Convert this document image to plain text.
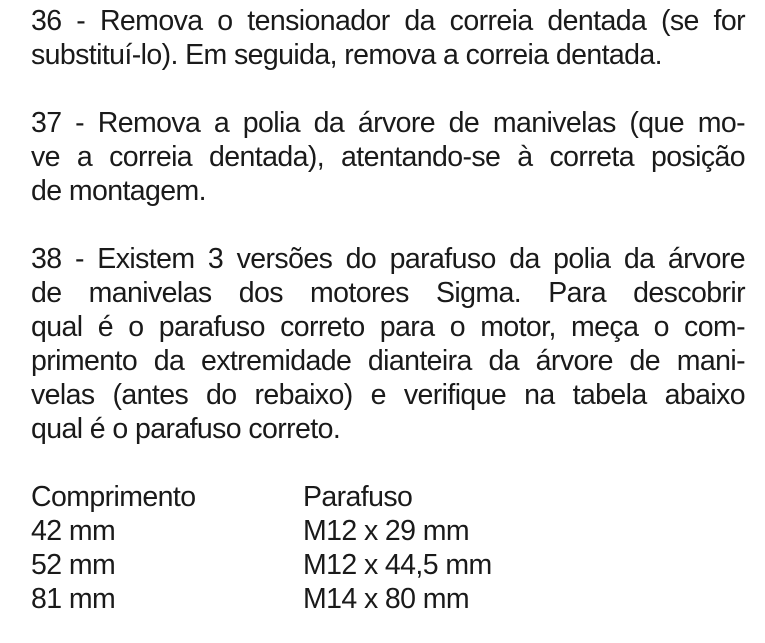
36 - Remova o tensionador da correia dentada (se for
substituí-lo). Em seguida, remova a correia dentada.

37 - Remova a polia da árvore de manivelas (que mo-
ve a correia dentada), atentando-se à correta posição
de montagem.

38 - Existem 3 versões do parafuso da polia da árvore
de manivelas dos motores Sigma. Para descobrir
qual é o parafuso correto para o motor, meça o com-
primento da extremidade dianteira da árvore de mani-
velas (antes do rebaixo) e verifique na tabela abaixo
qual é o parafuso correto.

Comprimento	Parafuso
42 mm	M12 x 29 mm
52 mm	M12 x 44,5 mm
81 mm	M14 x 80 mm
